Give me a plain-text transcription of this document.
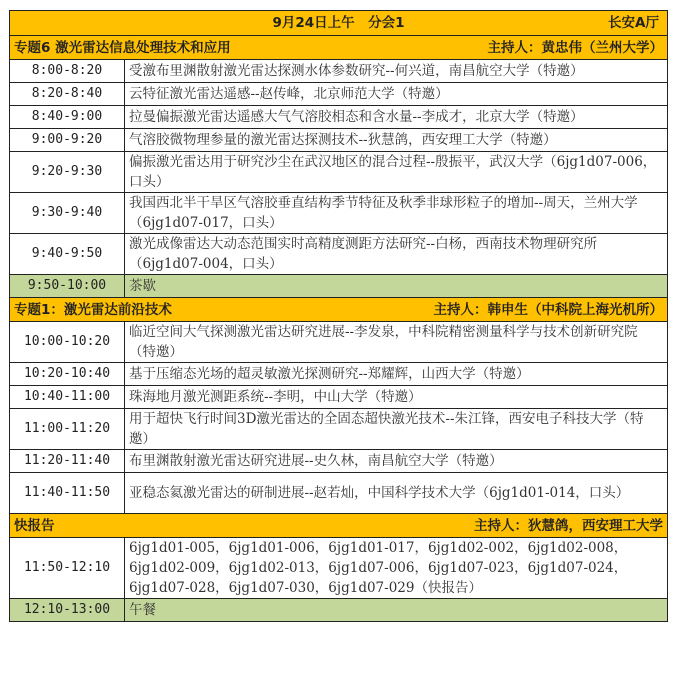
9月24日上午　分会1 长安A厅	

专题6 激光雷达信息处理技术和应用 主持人：黄忠伟（兰州大学）	

8:00-8:20	受激布里渊散射激光雷达探测水体参数研究--何兴道，南昌航空大学（特邀）
8:20-8:40	云特征激光雷达遥感--赵传峰，北京师范大学（特邀）
8:40-9:00	拉曼偏振激光雷达遥感大气气溶胶相态和含水量--李成才，北京大学（特邀）
9:00-9:20	气溶胶微物理参量的激光雷达探测技术--狄慧鸽，西安理工大学（特邀）
9:20-9:30	偏振激光雷达用于研究沙尘在武汉地区的混合过程--殷振平，武汉大学（6jg1d07-006，口头）
9:30-9:40	我国西北半干旱区气溶胶垂直结构季节特征及秋季非球形粒子的增加--周天，兰州大学（6jg1d07-017，口头）
9:40-9:50	激光成像雷达大动态范围实时高精度测距方法研究--白杨，西南技术物理研究所（6jg1d07-004，口头）
9:50-10:00	茶歇

专题1：激光雷达前沿技术 主持人：韩申生（中科院上海光机所）	

10:00-10:20	临近空间大气探测激光雷达研究进展--李发泉，中科院精密测量科学与技术创新研究院（特邀）
10:20-10:40	基于压缩态光场的超灵敏激光探测研究--郑耀辉，山西大学（特邀）
10:40-11:00	珠海地月激光测距系统--李明，中山大学（特邀）
11:00-11:20	用于超快飞行时间3D激光雷达的全固态超快激光技术--朱江锋，西安电子科技大学（特邀）
11:20-11:40	布里渊散射激光雷达研究进展--史久林，南昌航空大学（特邀）
11:40-11:50	亚稳态氦激光雷达的研制进展--赵若灿，中国科学技术大学（6jg1d01-014，口头）

快报告 主持人：狄慧鸽，西安理工大学	

11:50-12:10	6jg1d01-005，6jg1d01-006，6jg1d01-017，6jg1d02-002，6jg1d02-008，6jg1d02-009，6jg1d02-013，6jg1d07-006，6jg1d07-023，6jg1d07-024，6jg1d07-028，6jg1d07-030，6jg1d07-029（快报告）
12:10-13:00	午餐
